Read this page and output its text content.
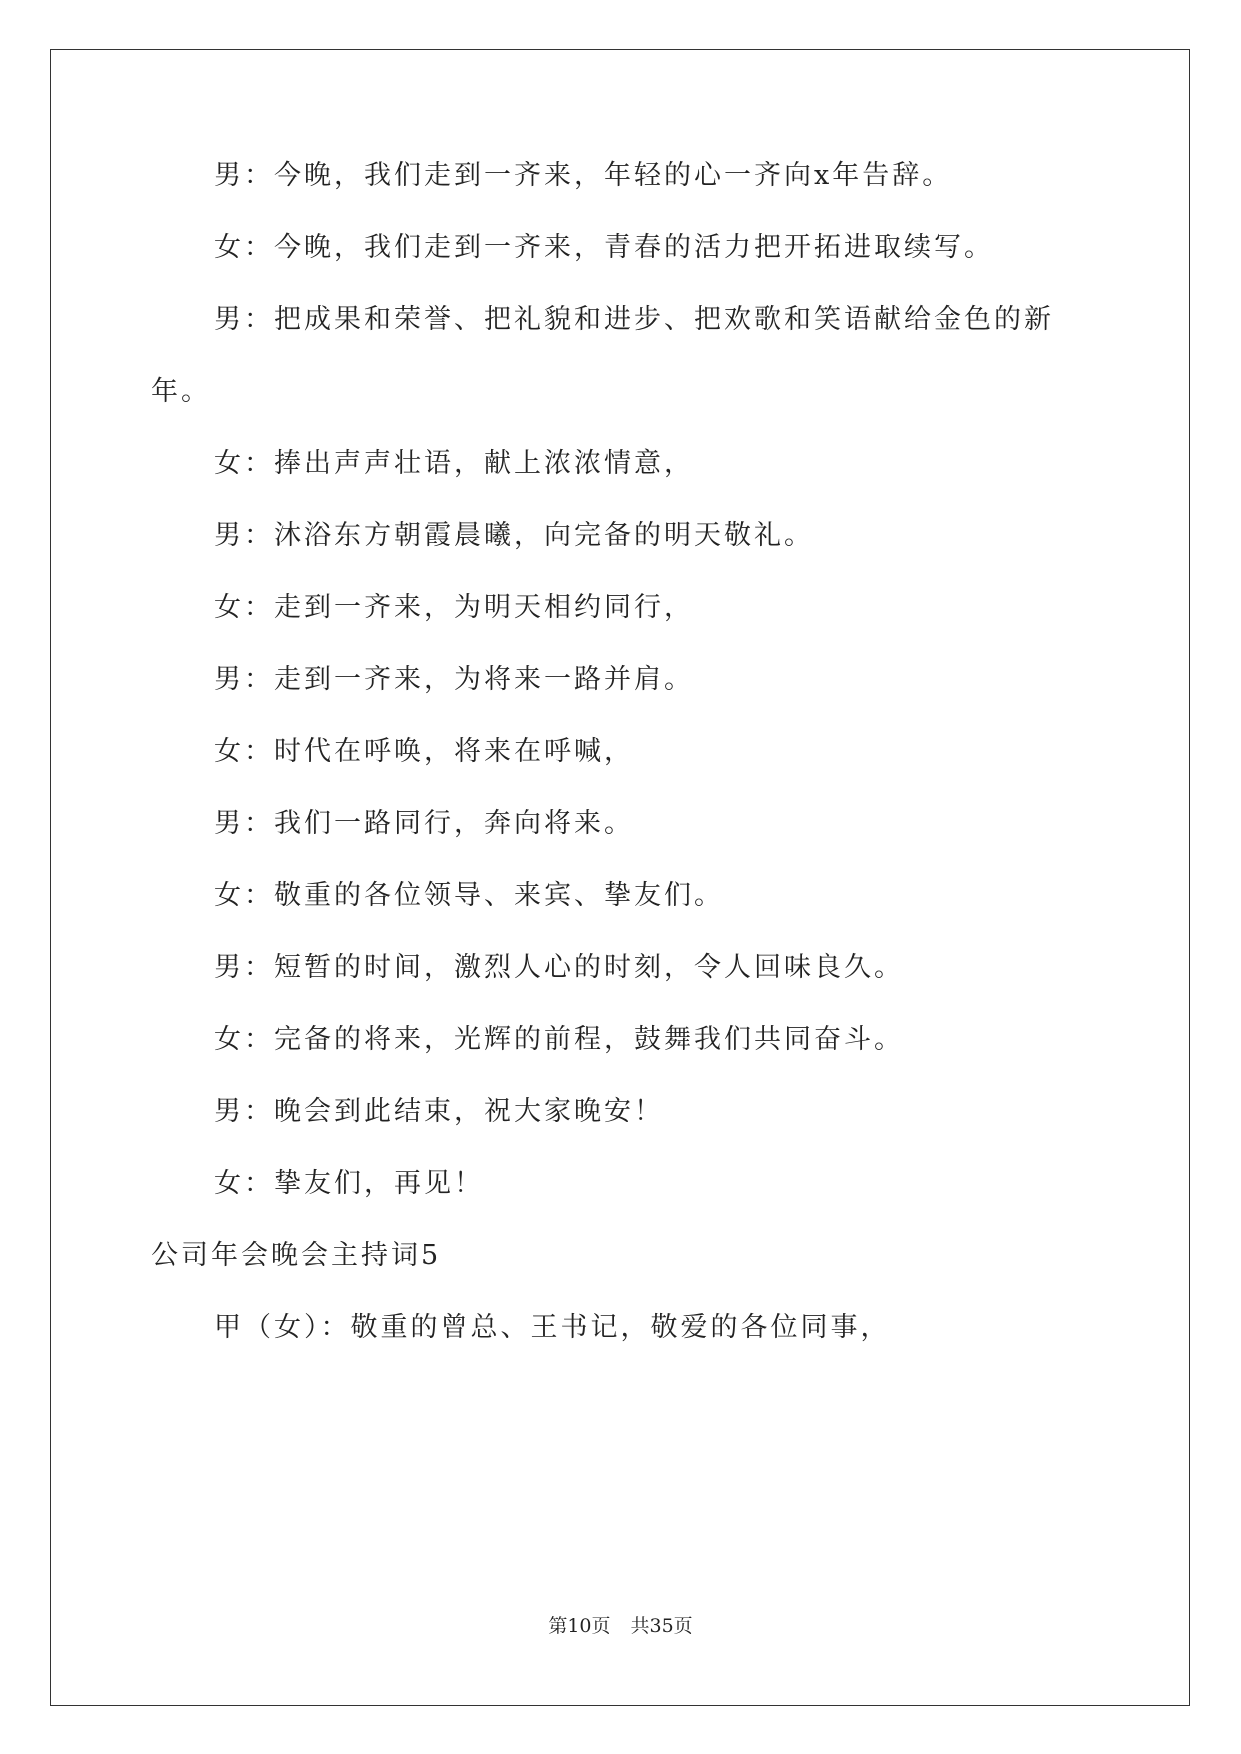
男：今晚，我们走到一齐来，年轻的心一齐向x年告辞。
女：今晚，我们走到一齐来，青春的活力把开拓进取续写。
男：把成果和荣誉、把礼貌和进步、把欢歌和笑语献给金色的新
年。
女：捧出声声壮语，献上浓浓情意，
男：沐浴东方朝霞晨曦，向完备的明天敬礼。
女：走到一齐来，为明天相约同行，
男：走到一齐来，为将来一路并肩。
女：时代在呼唤，将来在呼喊，
男：我们一路同行，奔向将来。
女：敬重的各位领导、来宾、挚友们。
男：短暂的时间，激烈人心的时刻，令人回味良久。
女：完备的将来，光辉的前程，鼓舞我们共同奋斗。
男：晚会到此结束，祝大家晚安！
女：挚友们，再见！
公司年会晚会主持词5
甲（女）：敬重的曾总、王书记，敬爱的各位同事，
第10页 共35页
